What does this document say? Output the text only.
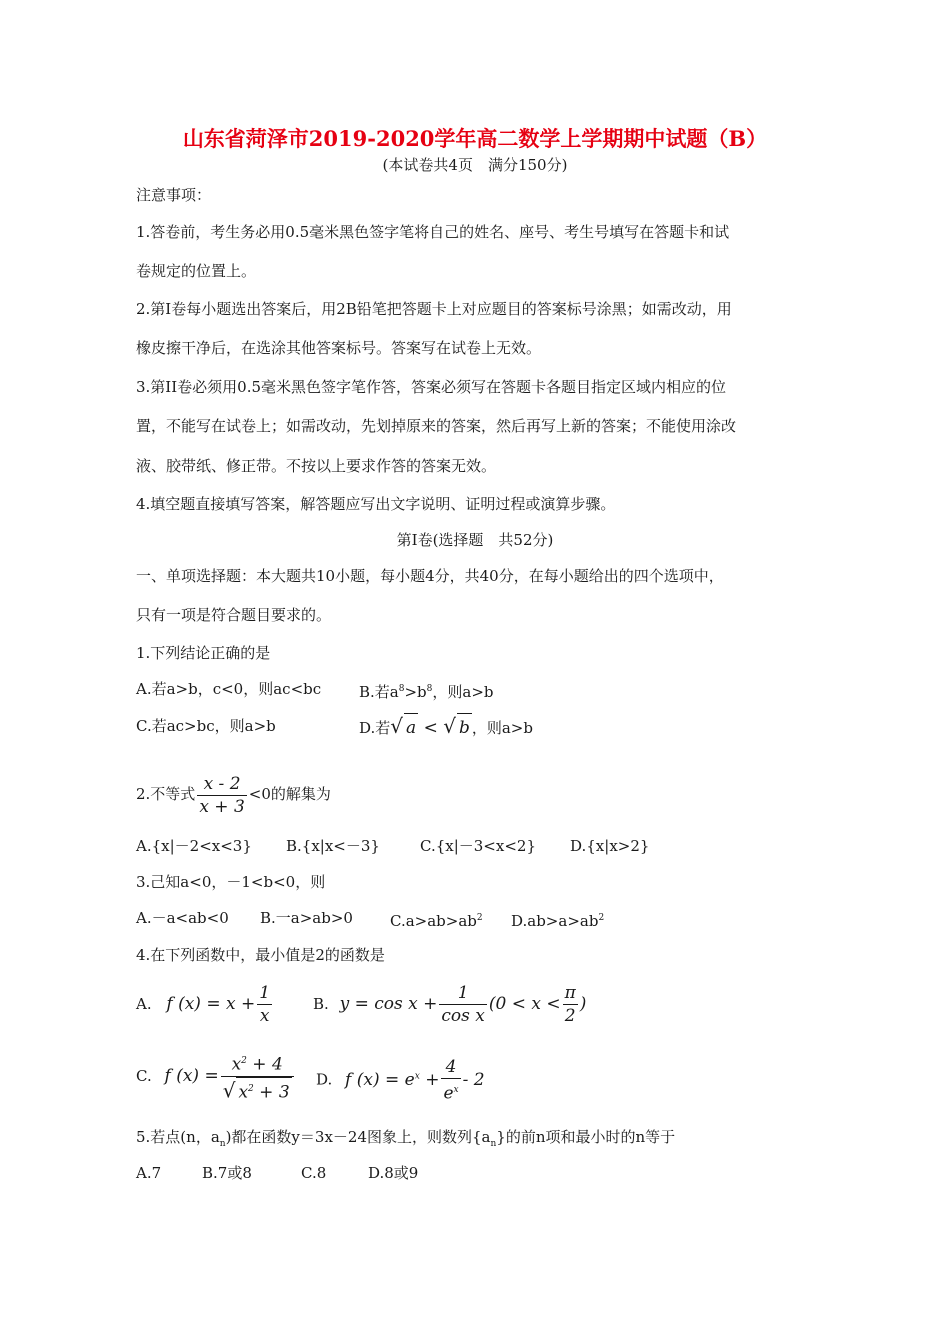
山东省菏泽市2019-2020学年高二数学上学期期中试题（B）
(本试卷共4页　满分150分)
注意事项：
1.答卷前，考生务必用0.5毫米黑色签字笔将自己的姓名、座号、考生号填写在答题卡和试
卷规定的位置上。
2.第Ⅰ卷每小题选出答案后，用2B铅笔把答题卡上对应题目的答案标号涂黑；如需改动，用
橡皮擦干净后，在选涂其他答案标号。答案写在试卷上无效。
3.第II卷必须用0.5毫米黑色签字笔作答，答案必须写在答题卡各题目指定区域内相应的位
置，不能写在试卷上；如需改动，先划掉原来的答案，然后再写上新的答案；不能使用涂改
液、胶带纸、修正带。不按以上要求作答的答案无效。
4.填空题直接填写答案，解答题应写出文字说明、证明过程或演算步骤。
第Ⅰ卷(选择题　共52分)
一、单项选择题：本大题共10小题，每小题4分，共40分，在每小题给出的四个选项中，
只有一项是符合题目要求的。
1.下列结论正确的是
A.若a>b，c<0，则ac<bc	B.若$a^8>b^8$，则a>b
C.若ac>bc，则a>b	D.若√ a < √ b ，则a>b
2.不等式 $\frac{x - 2}{x + 3} <0$的解集为
A.{x|－2<x<3} B.{x|x<－3}	C.{x|－3<x<2} D.{x|x>2}
3.己知a<0，－1<b<0，则
A.－a<ab<0 B.一a>ab>0 $C.a>ab>ab^2$ $D.ab>a>ab^2$
4.在下列函数中，最小值是2的函数是
A. f $(x) = x + \frac{1}{x}$	B. $y = \cos x + \frac{1}{\text{cos x}} (0 < x < \frac{\pi}{2}$ )
C. f $(x) = \frac{x^2 + 4}{√ x^2 + 3} D$. f $(x) = e^x + \frac{4}{e^x} - 2$
5.若点(n，$a_n$)都在函数y＝3x－24图象上，则数列$\{a_n\}$的前n项和最小时的n等于
A.7	B.7或8	C.8	D.8或9
